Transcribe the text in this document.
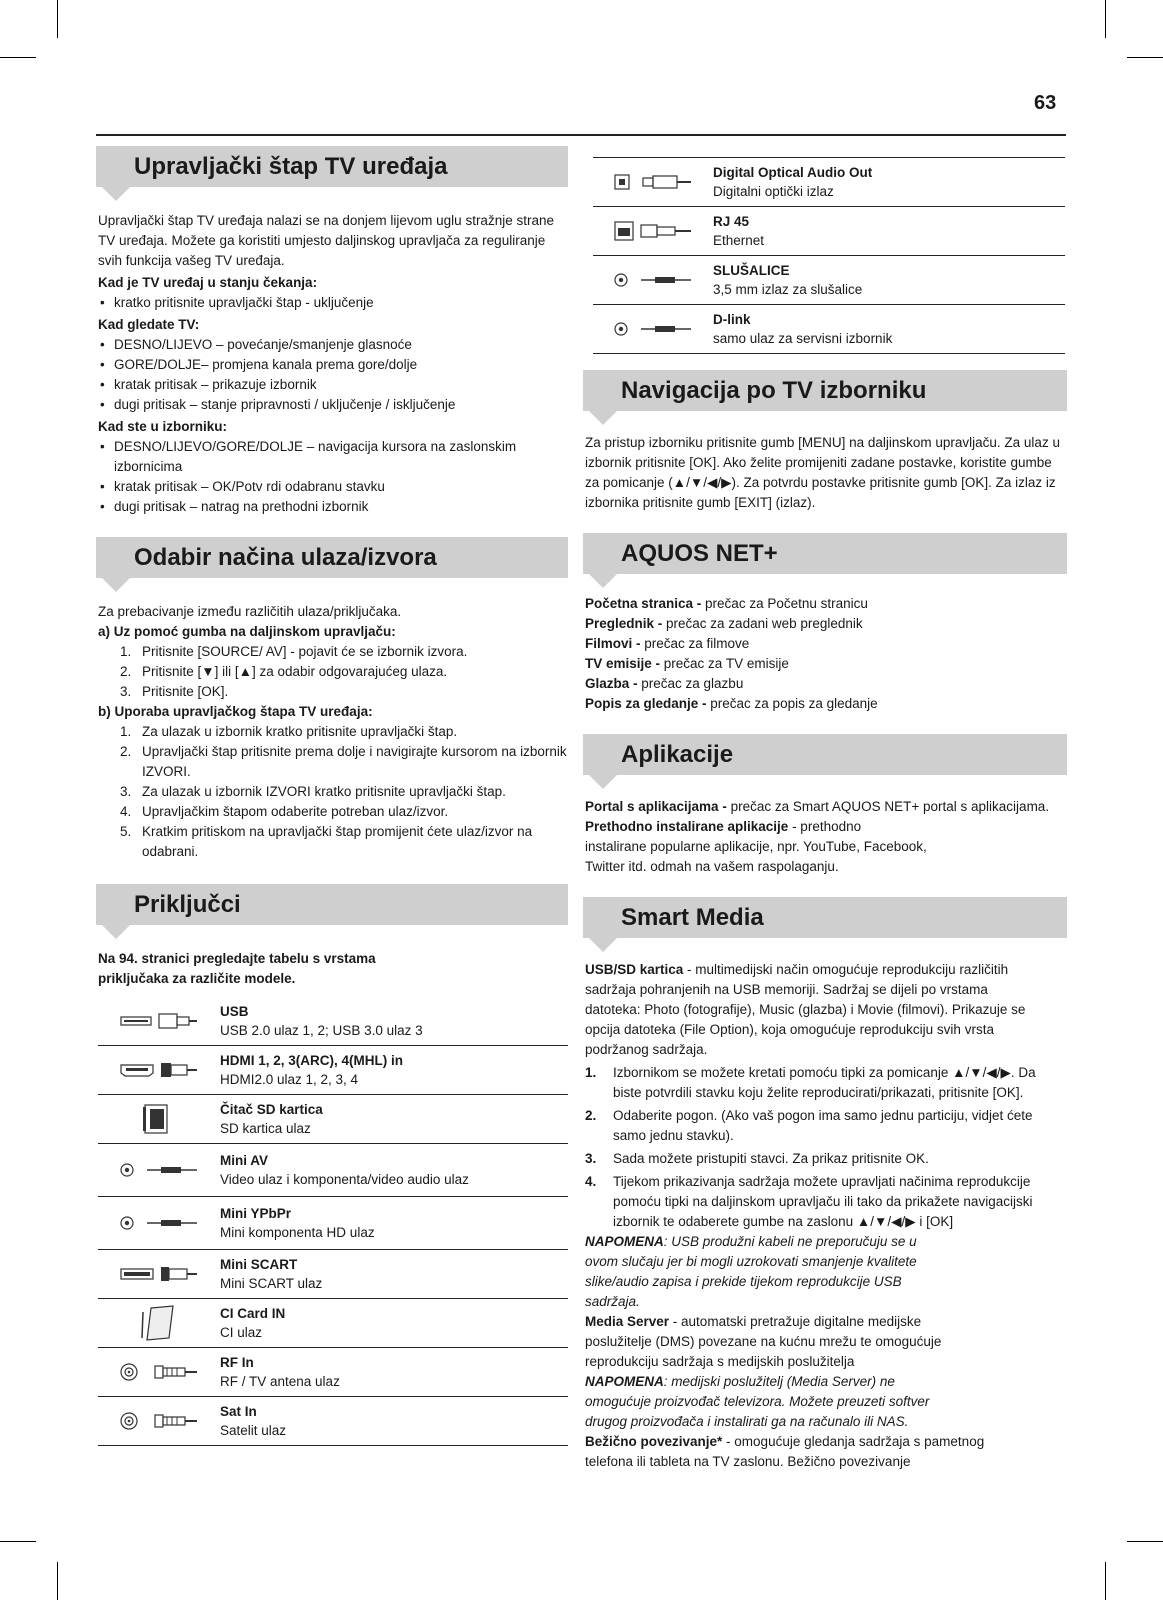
63
Upravljački štap TV uređaja

Upravljački štap TV uređaja nalazi se na donjem lijevom uglu stražnje strane TV uređaja. Možete ga koristiti umjesto daljinskog upravljača za reguliranje svih funkcija vašeg TV uređaja.

Kad je TV uređaj u stanju čekanja:

• kratko pritisnite upravljački štap - uključenje

Kad gledate TV:

• DESNO/LIJEVO – povećanje/smanjenje glasnoće
• GORE/DOLJE– promjena kanala prema gore/dolje
• kratak pritisak – prikazuje izbornik
• dugi pritisak – stanje pripravnosti / uključenje / isključenje

Kad ste u izborniku:

• DESNO/LIJEVO/GORE/DOLJE – navigacija kursora na zaslonskim izbornicima
• kratak pritisak – OK/Potv rdi odabranu stavku
• dugi pritisak – natrag na prethodni izbornik
Odabir načina ulaza/izvora

Za prebacivanje između različitih ulaza/priključaka.

a) Uz pomoć gumba na daljinskom upravljaču:

1. Pritisnite [SOURCE/ AV] - pojavit će se izbornik izvora.
2. Pritisnite [▼] ili [▲] za odabir odgovarajućeg ulaza.
3. Pritisnite [OK].

b) Uporaba upravljačkog štapa TV uređaja:

1. Za ulazak u izbornik kratko pritisnite upravljački štap.
2. Upravljački štap pritisnite prema dolje i navigirajte kursorom na izbornik IZVORI.
3. Za ulazak u izbornik IZVORI kratko pritisnite upravljački štap.
4. Upravljačkim štapom odaberite potreban ulaz/izvor.
5. Kratkim pritiskom na upravljački štap promijenit ćete ulaz/izvor na odabrani.
Priključci

Na 94. stranici pregledajte tabelu s vrstama priključaka za različite modele.

USB
USB 2.0 ulaz 1, 2; USB 3.0 ulaz 3
HDMI 1, 2, 3(ARC), 4(MHL) in
HDMI2.0 ulaz 1, 2, 3, 4
Čitač SD kartica
SD kartica ulaz
Mini AV
Video ulaz i komponenta/video audio ulaz
Mini YPbPr
Mini komponenta HD ulaz
Mini SCART
Mini SCART ulaz
CI Card IN
CI ulaz
RF In
RF / TV antena ulaz
Sat In
Satelit ulaz
Digital Optical Audio Out
Digitalni optički izlaz
RJ 45
Ethernet
SLUŠALICE
3,5 mm izlaz za slušalice
D-link
samo ulaz za servisni izbornik
Navigacija po TV izborniku

Za pristup izborniku pritisnite gumb [MENU] na daljinskom upravljaču. Za ulaz u izbornik pritisnite [OK]. Ako želite promijeniti zadane postavke, koristite gumbe za pomicanje (▲/▼/◀/▶). Za potvrdu postavke pritisnite gumb [OK]. Za izlaz iz izbornika pritisnite gumb [EXIT] (izlaz).

AQUOS NET+

Početna stranica - prečac za Početnu stranicu

Preglednik - prečac za zadani web preglednik

Filmovi - prečac za filmove

TV emisije - prečac za TV emisije

Glazba - prečac za glazbu

Popis za gledanje - prečac za popis za gledanje

Aplikacije

Portal s aplikacijama - prečac za Smart AQUOS NET+ portal s aplikacijama.

Prethodno instalirane aplikacije - prethodno

instalirane popularne aplikacije, npr. YouTube, Facebook,

Twitter itd. odmah na vašem raspolaganju.

Smart Media

USB/SD kartica - multimedijski način omogućuje reprodukciju različitih sadržaja pohranjenih na USB memoriji. Sadržaj se dijeli po vrstama datoteka: Photo (fotografije), Music (glazba) i Movie (filmovi). Prikazuje se opcija datoteka (File Option), koja omogućuje reprodukciju svih vrsta podržanog sadržaja.

1. Izbornikom se možete kretati pomoću tipki za pomicanje ▲/▼/◀/▶. Da biste potvrdili stavku koju želite reproducirati/prikazati, pritisnite [OK].
2. Odaberite pogon. (Ako vaš pogon ima samo jednu particiju, vidjet ćete samo jednu stavku).
3. Sada možete pristupiti stavci. Za prikaz pritisnite OK.
4. Tijekom prikazivanja sadržaja možete upravljati načinima reprodukcije pomoću tipki na daljinskom upravljaču ili tako da prikažete navigacijski izbornik te odaberete gumbe na zaslonu ▲/▼/◀/▶ i [OK]

NAPOMENA: USB produžni kabeli ne preporučuju se u ovom slučaju jer bi mogli uzrokovati smanjenje kvalitete slike/audio zapisa i prekide tijekom reprodukcije USB sadržaja.

Media Server - automatski pretražuje digitalne medijske poslužitelje (DMS) povezane na kućnu mrežu te omogućuje reprodukciju sadržaja s medijskih poslužitelja

NAPOMENA: medijski poslužitelj (Media Server) ne omogućuje proizvođač televizora. Možete preuzeti softver drugog proizvođača i instalirati ga na računalo ili NAS.

Bežično povezivanje* - omogućuje gledanja sadržaja s pametnog telefona ili tableta na TV zaslonu. Bežično povezivanje
